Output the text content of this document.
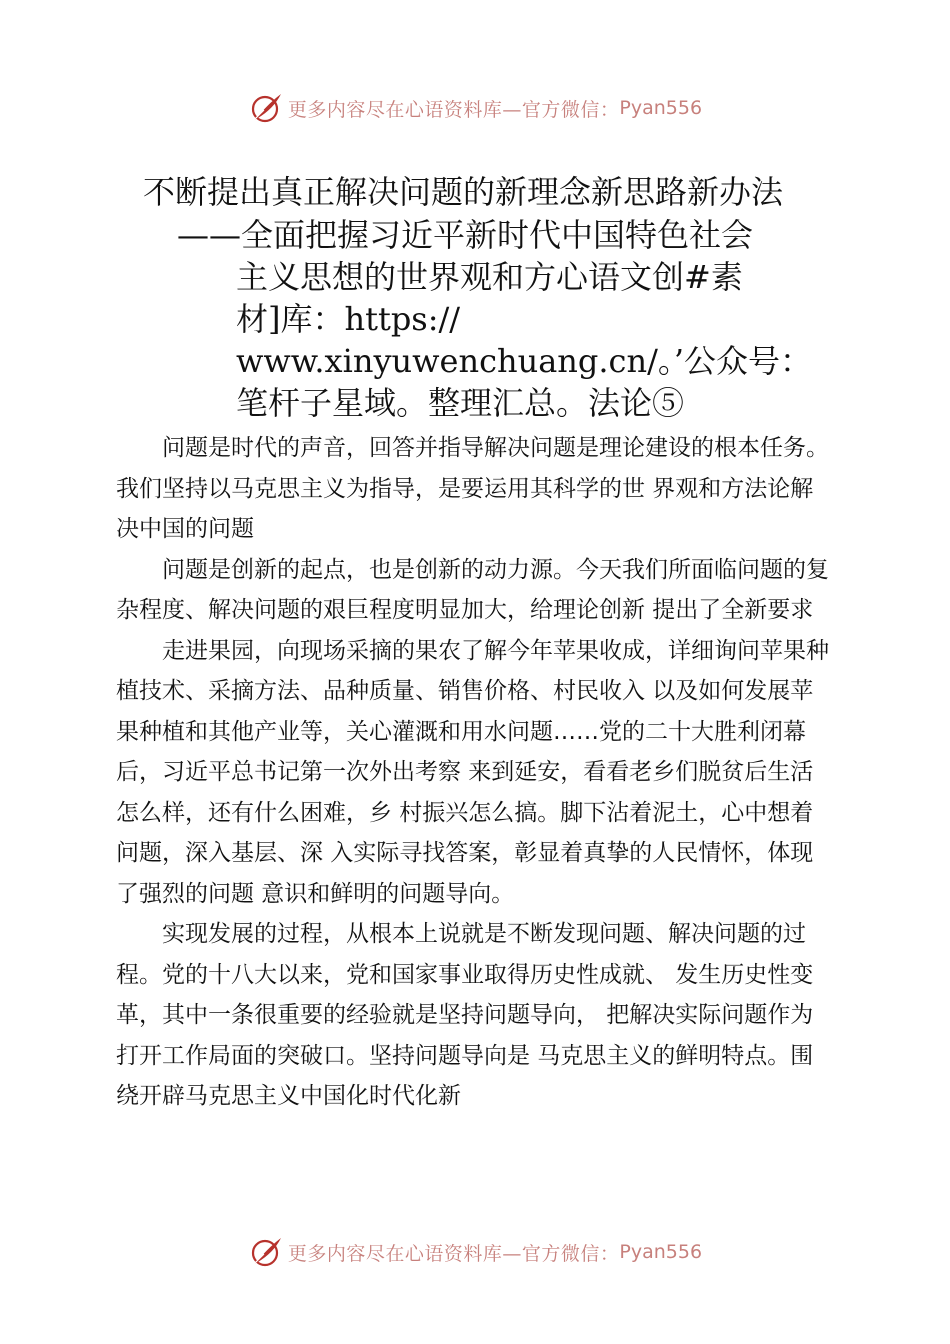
更多内容尽在心语资料库—官方微信： Pyan556
不断提出真正解决问题的新理念新思路新办法
——全面把握习近平新时代中国特色社会
主义思想的世界观和方心语文创#素
材]库：https://
www.xinyuwenchuang.cn/。’公众号：
笔杆子星域。整理汇总。法论⑤

问题是时代的声音，回答并指导解决问题是理论建设的根本任务。我们坚持以马克思主义为指导，是要运用其科学的世 界观和方法论解决中国的问题

问题是创新的起点，也是创新的动力源。今天我们所面临问题的复杂程度、解决问题的艰巨程度明显加大，给理论创新 提出了全新要求

走进果园，向现场采摘的果农了解今年苹果收成，详细询问苹果种植技术、采摘方法、品种质量、销售价格、村民收入 以及如何发展苹果种植和其他产业等，关心灌溉和用水问题……党的二十大胜利闭幕后，习近平总书记第一次外出考察 来到延安，看看老乡们脱贫后生活怎么样，还有什么困难，乡 村振兴怎么搞。脚下沾着泥土，心中想着问题，深入基层、深 入实际寻找答案，彰显着真挚的人民情怀，体现了强烈的问题 意识和鲜明的问题导向。

实现发展的过程，从根本上说就是不断发现问题、解决问题的过程。党的十八大以来，党和国家事业取得历史性成就、 发生历史性变革，其中一条很重要的经验就是坚持问题导向， 把解决实际问题作为打开工作局面的突破口。坚持问题导向是 马克思主义的鲜明特点。围绕开辟马克思主义中国化时代化新

更多内容尽在心语资料库—官方微信： Pyan556
